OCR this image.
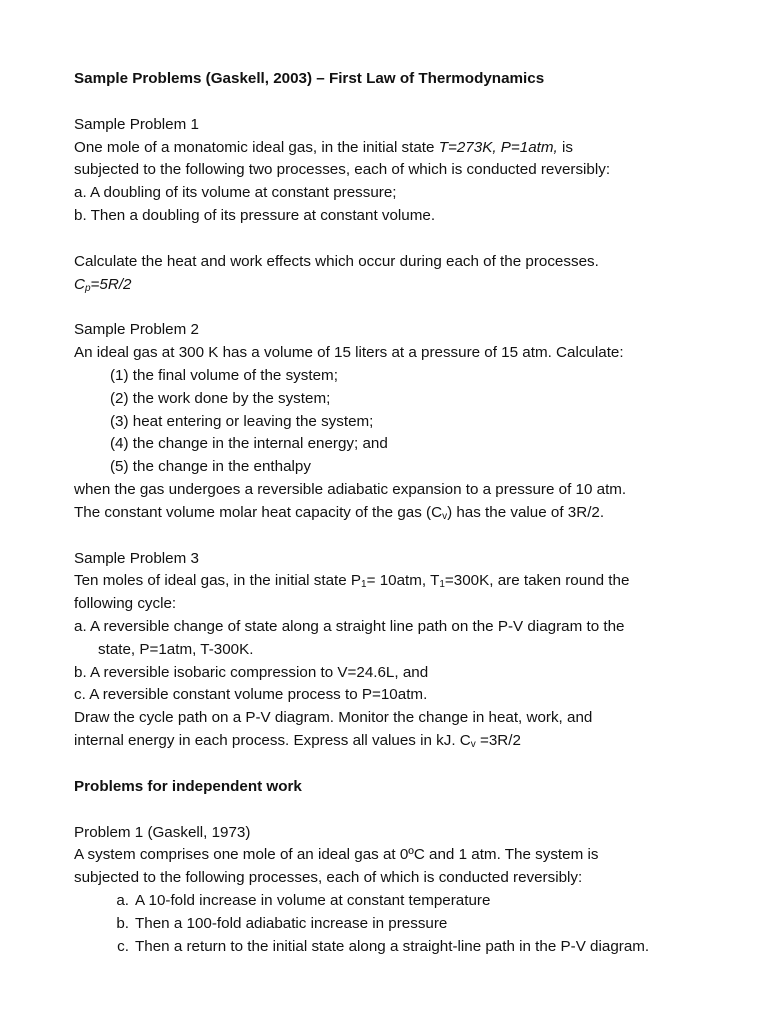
Sample Problems (Gaskell, 2003) – First Law of Thermodynamics
Sample Problem 1
One mole of a monatomic ideal gas, in the initial state T=273K, P=1atm, is
subjected to the following two processes, each of which is conducted reversibly:
a. A doubling of its volume at constant pressure;
b. Then a doubling of its pressure at constant volume.
Calculate the heat and work effects which occur during each of the processes.
$C_p=5R/2$
Sample Problem 2
An ideal gas at 300 K has a volume of 15 liters at a pressure of 15 atm. Calculate:
(1) the final volume of the system;
(2) the work done by the system;
(3) heat entering or leaving the system;
(4) the change in the internal energy; and
(5) the change in the enthalpy
when the gas undergoes a reversible adiabatic expansion to a pressure of 10 atm.
The constant volume molar heat capacity of the gas $(C_v)$ has the value of 3R/2.
Sample Problem 3
Ten moles of ideal gas, in the initial state $P_1= 10atm$, $T_1=300K$, are taken round the
following cycle:
a. A reversible change of state along a straight line path on the P-V diagram to the
state, P=1atm, T-300K.
b. A reversible isobaric compression to V=24.6L, and
c. A reversible constant volume process to P=10atm.
Draw the cycle path on a P-V diagram. Monitor the change in heat, work, and
internal energy in each process. Express all values in kJ. $C_v =3R/2$
Problems for independent work
Problem 1 (Gaskell, 1973)
A system comprises one mole of an ideal gas at 0ºC and 1 atm. The system is
subjected to the following processes, each of which is conducted reversibly:
a. A 10-fold increase in volume at constant temperature
b. Then a 100-fold adiabatic increase in pressure
c. Then a return to the initial state along a straight-line path in the P-V diagram.
